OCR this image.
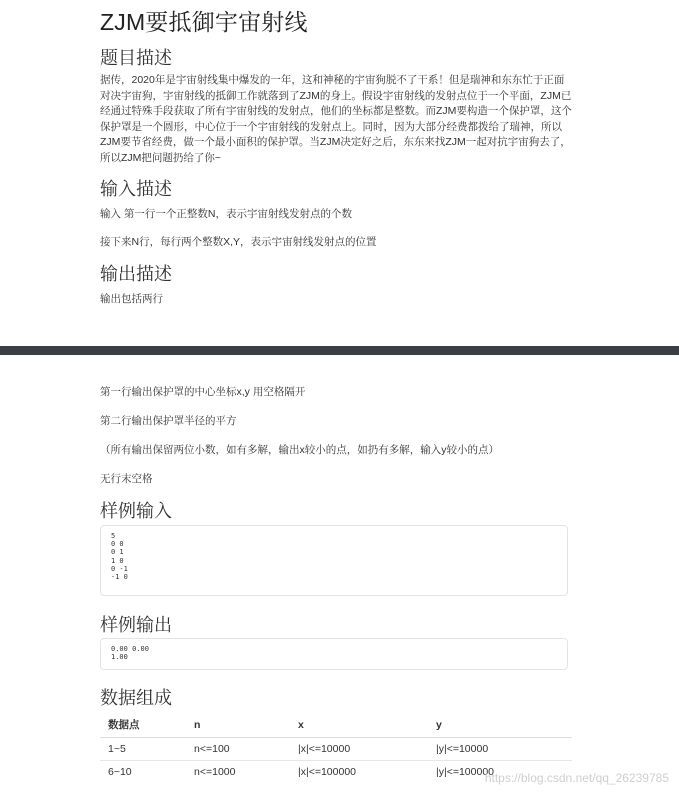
ZJM要抵御宇宙射线
题目描述

据传，2020年是宇宙射线集中爆发的一年，这和神秘的宇宙狗脱不了干系！但是瑞神和东东忙于正面对决宇宙狗，宇宙射线的抵御工作就落到了ZJM的身上。假设宇宙射线的发射点位于一个平面，ZJM已经通过特殊手段获取了所有宇宙射线的发射点，他们的坐标都是整数。而ZJM要构造一个保护罩，这个保护罩是一个圆形，中心位于一个宇宙射线的发射点上。同时，因为大部分经费都拨给了瑞神，所以ZJM要节省经费，做一个最小面积的保护罩。当ZJM决定好之后，东东来找ZJM一起对抗宇宙狗去了，所以ZJM把问题扔给了你~

输入描述
输入 第一行一个正整数N，表示宇宙射线发射点的个数
接下来N行，每行两个整数X,Y，表示宇宙射线发射点的位置
输出描述
输出包括两行
第一行输出保护罩的中心坐标x,y 用空格隔开
第二行输出保护罩半径的平方
（所有输出保留两位小数，如有多解，输出x较小的点，如扔有多解，输入y较小的点）
无行末空格
样例输入
5
0 0
0 1
1 0
0 -1
-1 0
样例输出
0.00 0.00
1.00
数据组成
数据点	n	x	y
1~5	n<=100	|x|<=10000	|y|<=10000
6~10	n<=1000	|x|<=100000	|y|<=100000
https://blog.csdn.net/qq_26239785
